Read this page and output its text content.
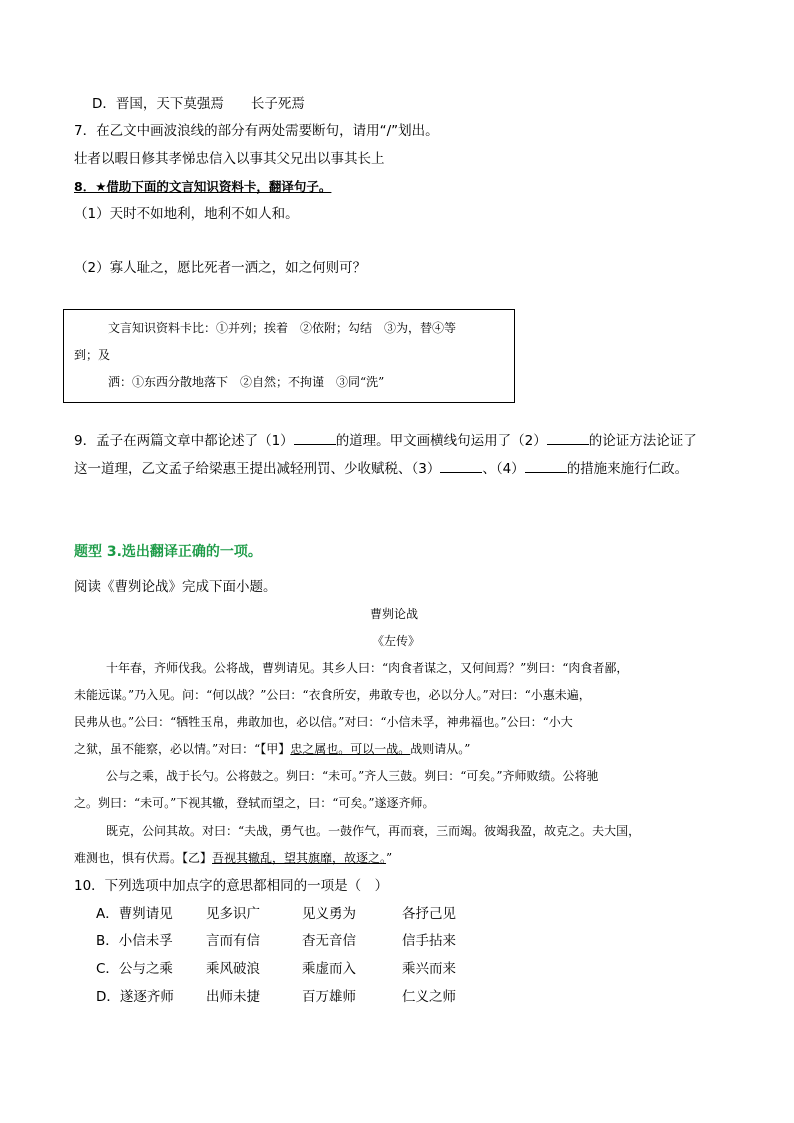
D．晋国，天下莫强焉　　长子死焉
7．在乙文中画波浪线的部分有两处需要断句，请用“/”划出。
壮者以暇日修其孝悌忠信入以事其父兄出以事其长上
8．★借助下面的文言知识资料卡，翻译句子。
（1）天时不如地利，地利不如人和。
（2）寡人耻之，愿比死者一洒之，如之何则可？
文言知识资料卡比：①并列；挨着　②依附；勾结　③为，替④等
到；及
洒：①东西分散地落下　②自然；不拘谨　③同“洗”
9．孟子在两篇文章中都论述了（1）	的道理。甲文画横线句运用了（2）	的论证方法论证了
这一道理，乙文孟子给梁惠王提出减轻刑罚、少收赋税、（3）	、（4）	的措施来施行仁政。
题型 3.选出翻译正确的一项。
阅读《曹刿论战》完成下面小题。
曹刿论战
《左传》
十年春，齐师伐我。公将战，曹刿请见。其乡人曰：“肉食者谋之，又何间焉？”刿曰：“肉食者鄙，
未能远谋。”乃入见。问：“何以战？”公曰：“衣食所安，弗敢专也，必以分人。”对曰：“小惠未遍，
民弗从也。”公曰：“牺牲玉帛，弗敢加也，必以信。”对曰：“小信未孚，神弗福也。”公曰：“小大
之狱，虽不能察，必以情。”对曰：“【甲】忠之属也。可以一战。战则请从。”
公与之乘，战于长勺。公将鼓之。刿曰：“未可。”齐人三鼓。刿曰：“可矣。”齐师败绩。公将驰
之。刿曰：“未可。”下视其辙，登轼而望之，曰：“可矣。”遂逐齐师。
既克，公问其故。对曰：“夫战，勇气也。一鼓作气，再而衰，三而竭。彼竭我盈，故克之。夫大国，
难测也，惧有伏焉。【乙】吾视其辙乱，望其旗靡，故逐之。”
10．下列选项中加点字的意思都相同的一项是（　）
A．曹刿请见 见多识广	见义勇为	各抒己见
B．小信未孚 言而有信	杳无音信	信手拈来
C．公与之乘 乘风破浪	乘虚而入	乘兴而来
D．遂逐齐师 出师未捷	百万雄师	仁义之师
